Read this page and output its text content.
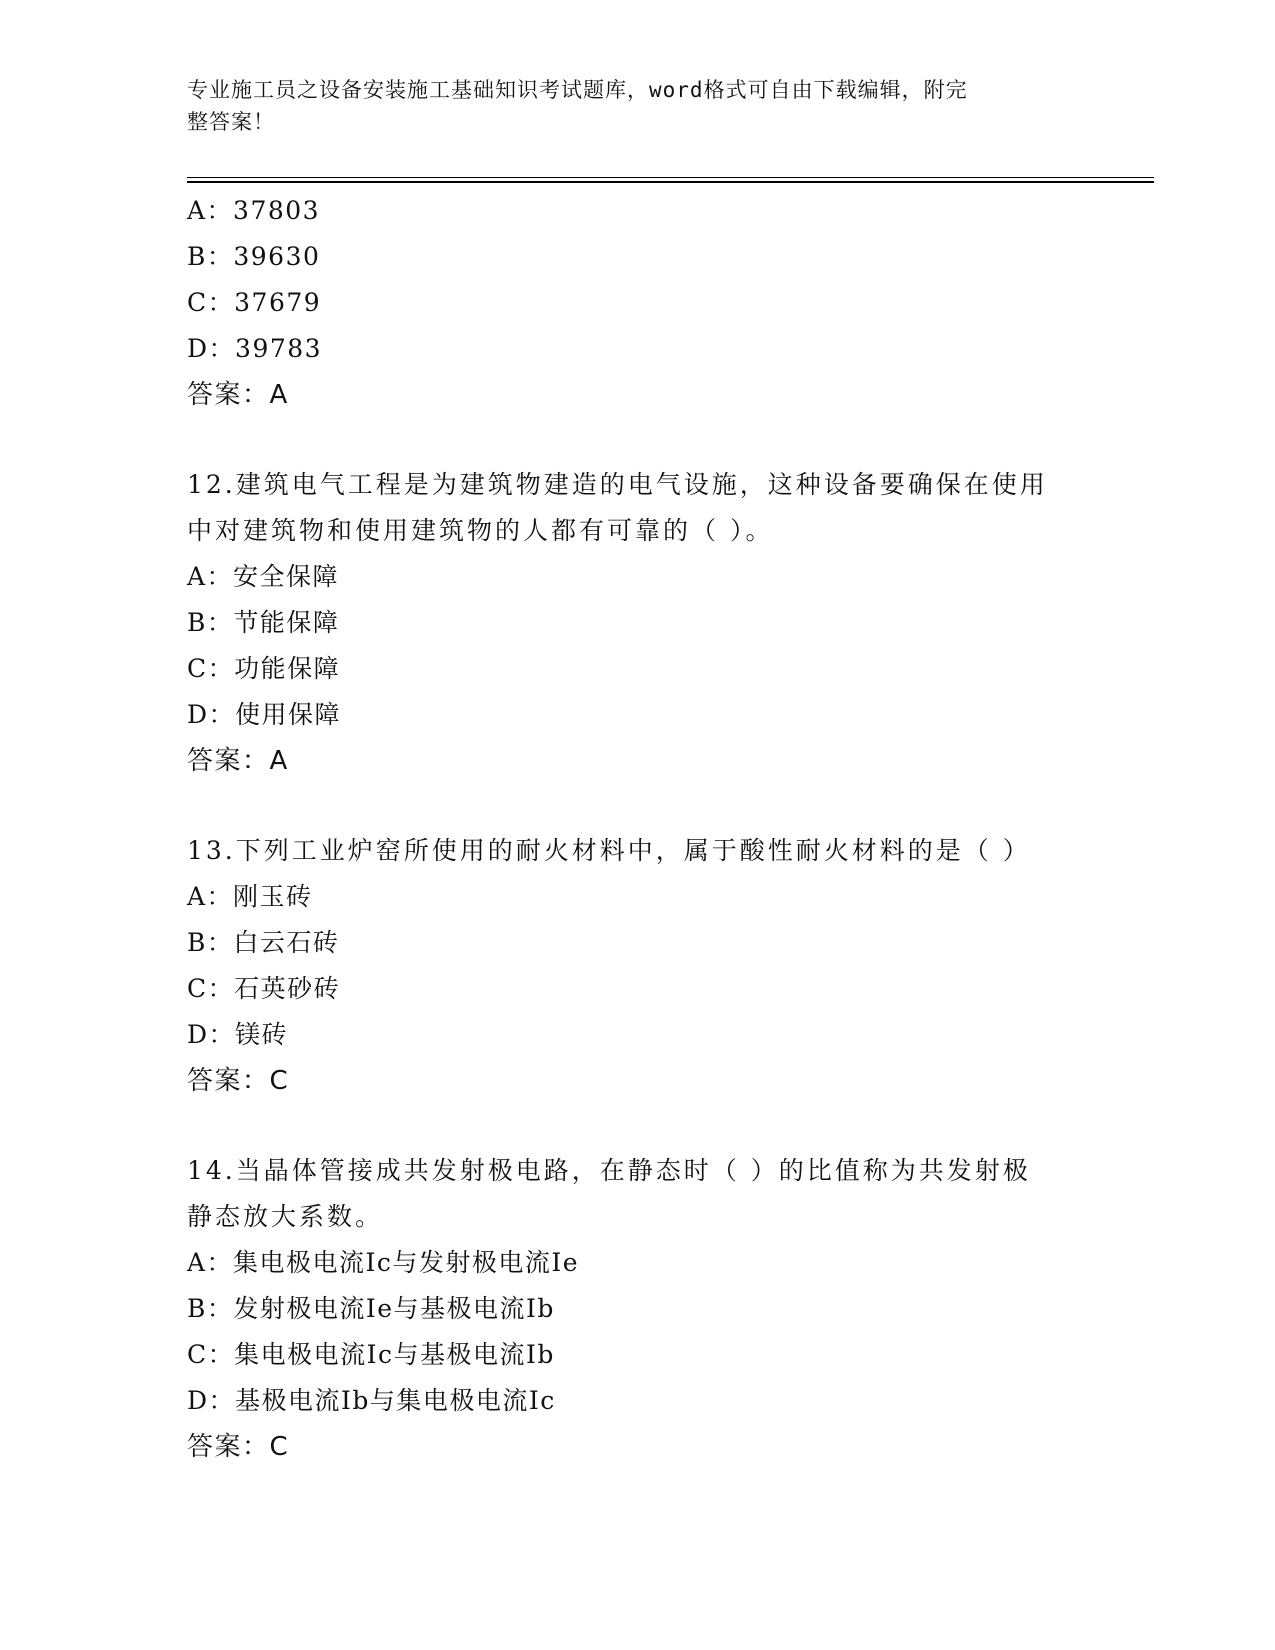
专业施工员之设备安装施工基础知识考试题库，word格式可自由下载编辑，附完
整答案！
A：37803
B：39630
C：37679
D：39783
答案：A
12.建筑电气工程是为建筑物建造的电气设施，这种设备要确保在使用
中对建筑物和使用建筑物的人都有可靠的（ ）。
A：安全保障
B：节能保障
C：功能保障
D：使用保障
答案：A
13.下列工业炉窑所使用的耐火材料中，属于酸性耐火材料的是（ ）
A：刚玉砖
B：白云石砖
C：石英砂砖
D：镁砖
答案：C
14.当晶体管接成共发射极电路，在静态时（ ）的比值称为共发射极
静态放大系数。
A：集电极电流Ic与发射极电流Ie
B：发射极电流Ie与基极电流Ib
C：集电极电流Ic与基极电流Ib
D：基极电流Ib与集电极电流Ic
答案：C
